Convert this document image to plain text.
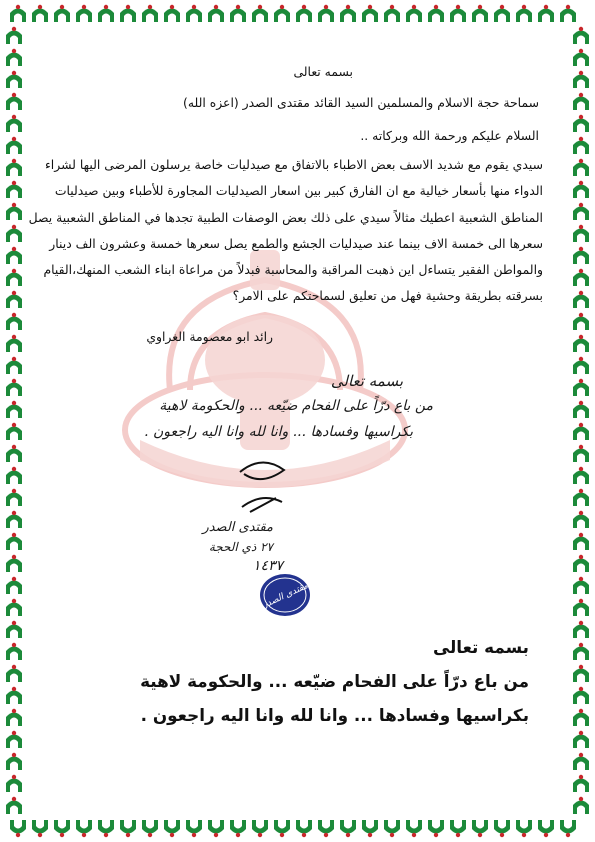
بسمه تعالى
سماحة حجة الاسلام والمسلمين السيد القائد مقتدى الصدر (اعزه الله)
السلام عليكم ورحمة الله وبركاته ..
سيدي يقوم مع شديد الاسف بعض الاطباء بالاتفاق مع صيدليات خاصة يرسلون المرضى اليها لشراء
الدواء منها بأسعار خيالية مع ان الفارق كبير بين اسعار الصيدليات المجاورة للأطباء وبين صيدليات
المناطق الشعبية اعطيك مثالاً سيدي على ذلك بعض الوصفات الطبية تجدها في المناطق الشعبية يصل
سعرها الى خمسة الاف بينما عند صيدليات الجشع والطمع يصل سعرها خمسة وعشرون الف دينار
والمواطن الفقير يتساءل اين ذهبت المراقبة والمحاسبة فبدلاً من مراعاة ابناء الشعب المنهك،القيام
بسرقته بطريقة وحشية فهل من تعليق لسماحتكم على الامر؟
رائد ابو معصومة الغراوي
بسمه تعالى
من باع درّاً على الفحام ضيّعه ... والحكومة لاهية
بكراسيها وفسادها ... وانا لله وانا اليه راجعون .
مقتدى الصدر
٢٧ ذي الحجة
١٤٣٧
مقتدى الصدر
بسمه تعالى
من باع درّاً على الفحام ضيّعه ... والحكومة لاهية
بكراسيها وفسادها ... وانا لله وانا اليه راجعون .
